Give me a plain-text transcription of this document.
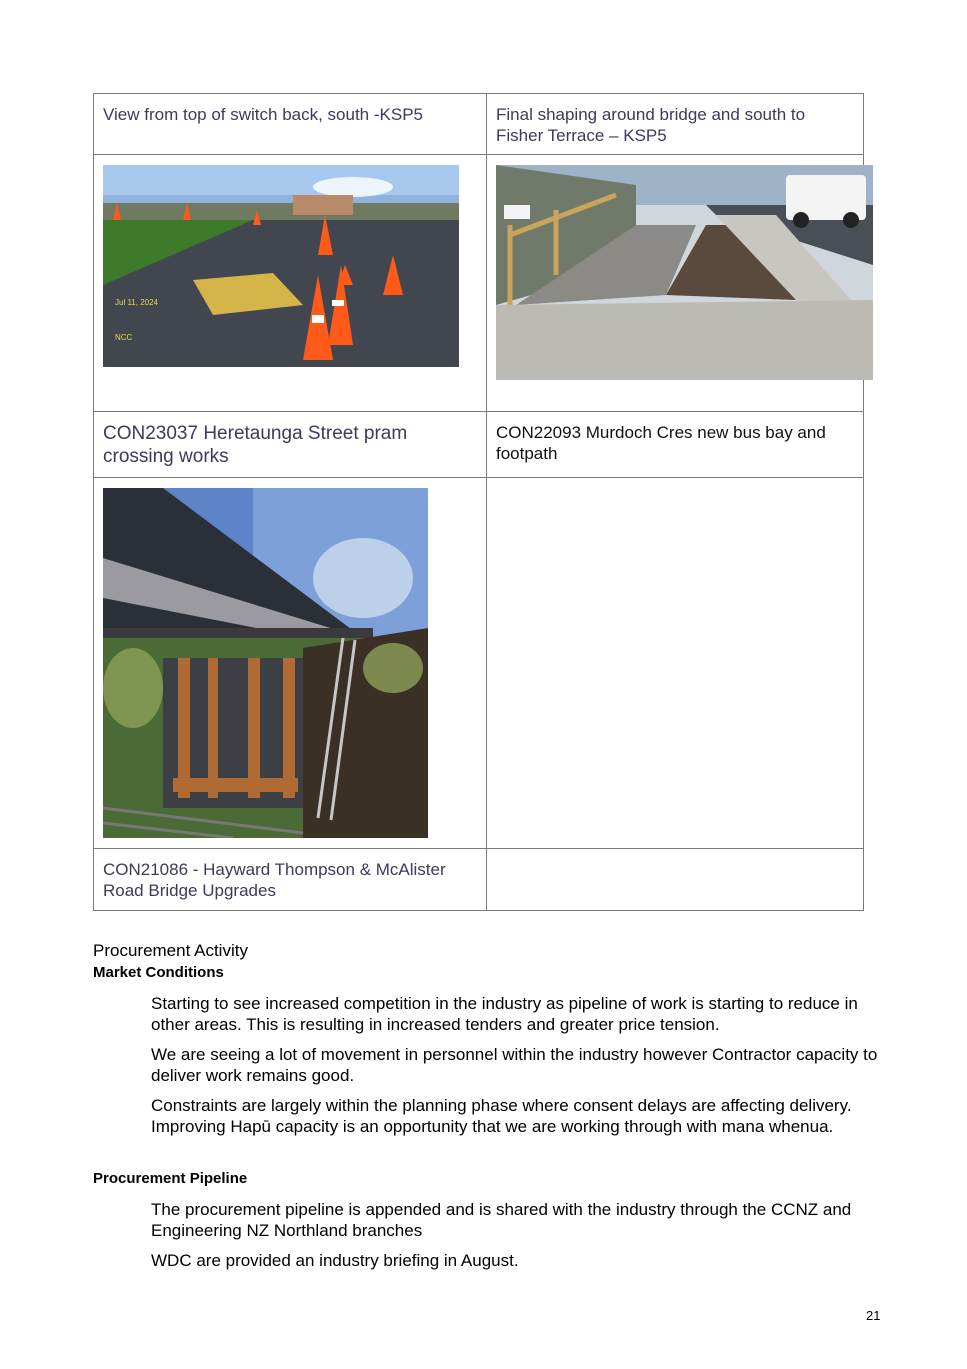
View from top of switch back, south -KSP5	Final shaping around bridge and south to Fisher Terrace – KSP5

Jul 11, 2024
NCC

CON23037 Heretaunga Street pram crossing works	CON22093 Murdoch Cres new bus bay and footpath

CON21086 - Hayward Thompson & McAlister Road Bridge Upgrades	
Procurement Activity
Market Conditions
Starting to see increased competition in the industry as pipeline of work is starting to reduce in other areas. This is resulting in increased tenders and greater price tension.
We are seeing a lot of movement in personnel within the industry however Contractor capacity to deliver work remains good.
Constraints are largely within the planning phase where consent delays are affecting delivery. Improving Hapū capacity is an opportunity that we are working through with mana whenua.
Procurement Pipeline
The procurement pipeline is appended and is shared with the industry through the CCNZ and Engineering NZ Northland branches
WDC are provided an industry briefing in August.
21
